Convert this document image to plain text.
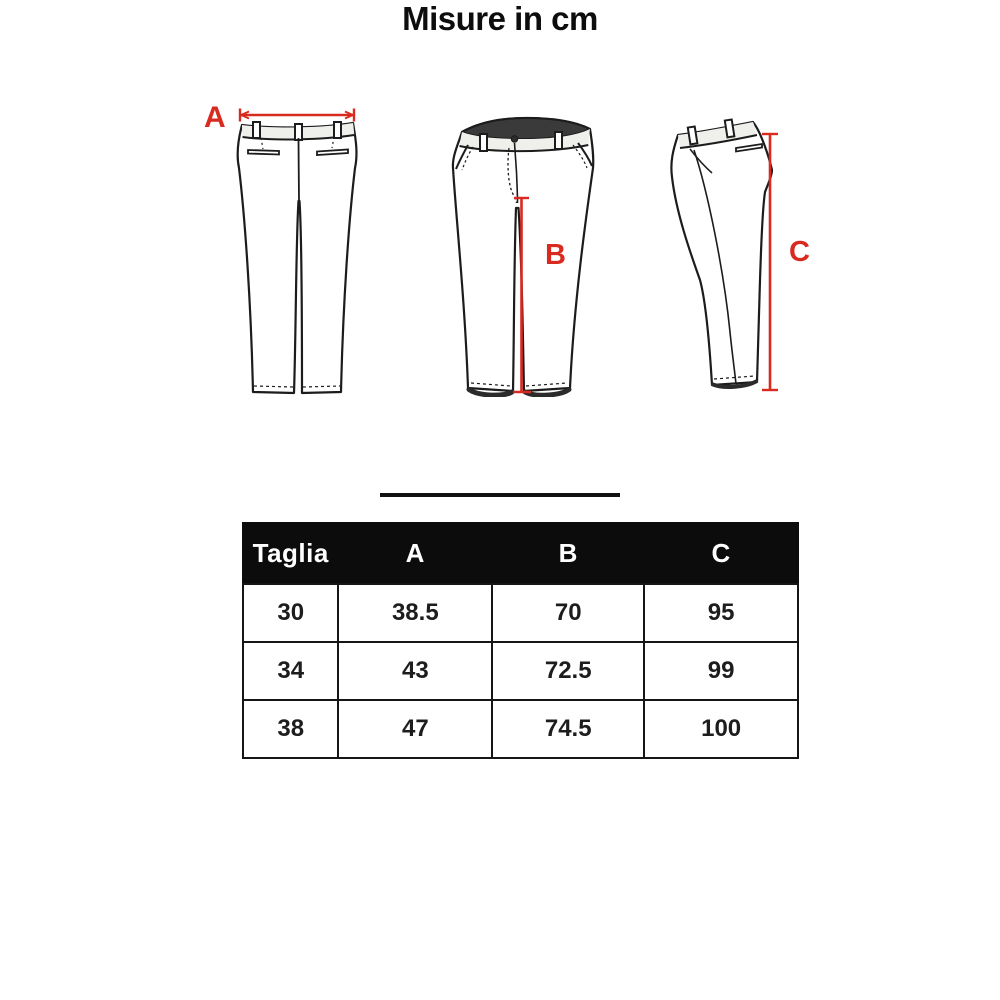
A
B	C
Misure in cm
Taglia	A	B	C
30	38.5	70	95
34	43	72.5	99
38	47	74.5	100
